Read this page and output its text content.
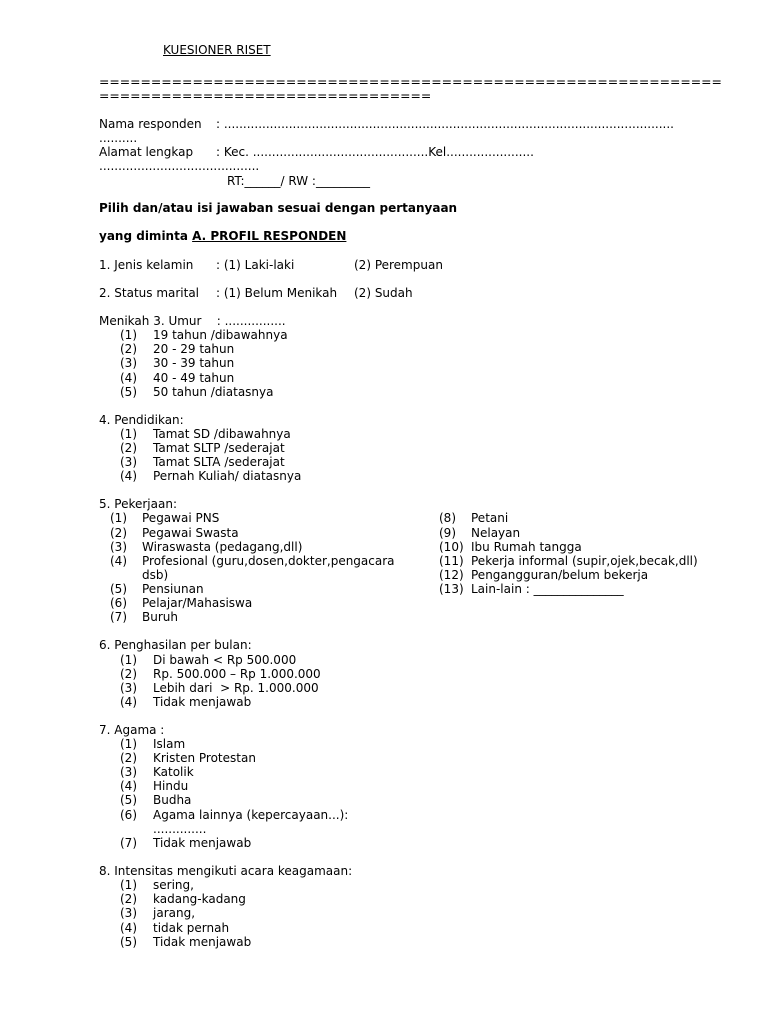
KUESIONER RISET
============================================================
================================
Nama responden : ......................................................................................................................
..........
Alamat lengkap : Kec. ..............................................Kel.......................
..........................................
RT:______/ RW :_________
Pilih dan/atau isi jawaban sesuai dengan pertanyaan
yang diminta A. PROFIL RESPONDEN
1. Jenis kelamin : (1) Laki-laki	(2) Perempuan
2. Status marital : (1) Belum Menikah (2) Sudah
Menikah 3. Umur    : ................
(1) 19 tahun /dibawahnya
(2) 20 - 29 tahun
(3) 30 - 39 tahun
(4) 40 - 49 tahun
(5) 50 tahun /diatasnya
4. Pendidikan:
(1) Tamat SD /dibawahnya
(2) Tamat SLTP /sederajat
(3) Tamat SLTA /sederajat
(4) Pernah Kuliah/ diatasnya
5. Pekerjaan:
(1) Pegawai PNS
(2) Pegawai Swasta
(3) Wiraswasta (pedagang,dll)
(4) Profesional (guru,dosen,dokter,pengacara
dsb)
(5) Pensiunan
(6) Pelajar/Mahasiswa
(7) Buruh
(8) Petani
(9) Nelayan
(10) Ibu Rumah tangga
(11) Pekerja informal (supir,ojek,becak,dll)
(12) Pengangguran/belum bekerja
(13) Lain-lain : _______________
6. Penghasilan per bulan:
(1) Di bawah < Rp 500.000
(2) Rp. 500.000 – Rp 1.000.000
(3) Lebih dari  > Rp. 1.000.000
(4) Tidak menjawab
7. Agama :
(1) Islam
(2) Kristen Protestan
(3) Katolik
(4) Hindu
(5) Budha
(6) Agama lainnya (kepercayaan...):
..............
(7) Tidak menjawab
8. Intensitas mengikuti acara keagamaan:
(1) sering,
(2) kadang-kadang
(3) jarang,
(4) tidak pernah
(5) Tidak menjawab
